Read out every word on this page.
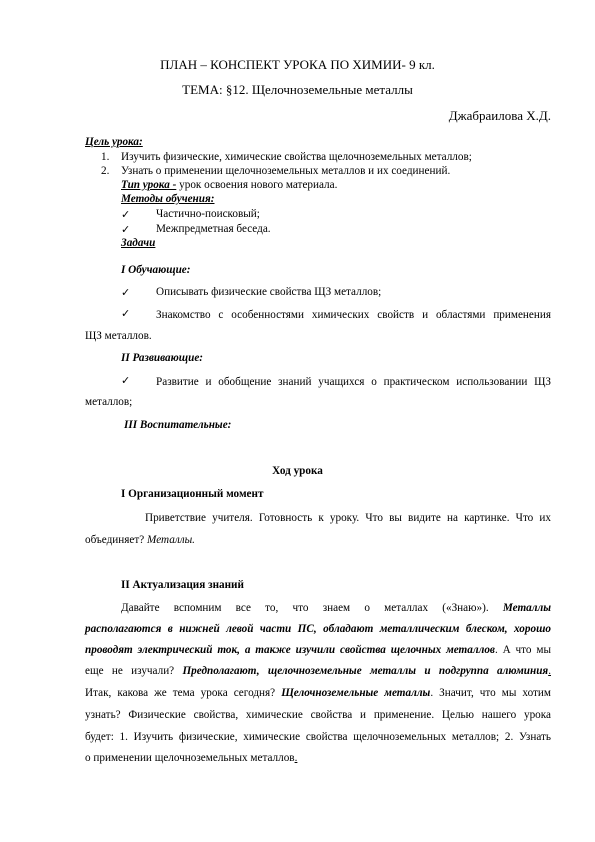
ПЛАН – КОНСПЕКТ УРОКА ПО ХИМИИ- 9 кл.
ТЕМА: §12. Щелочноземельные металлы
Джабраилова Х.Д.
Цель урока:
1. Изучить физические, химические свойства щелочноземельных металлов;
2. Узнать о применении щелочноземельных металлов и их соединений.
Тип урока - урок освоения нового материала.
Методы обучения:
✓ Частично-поисковый;
✓ Межпредметная беседа.
Задачи
I Обучающие:
✓ Описывать физические свойства ЩЗ металлов;
✓ Знакомство с особенностями химических свойств и областями применения
ЩЗ металлов.
II Развивающие:
✓ Развитие и обобщение знаний учащихся о практическом использовании ЩЗ
металлов;
III Воспитательные:
Ход урока
I Организационный момент
Приветствие учителя. Готовность к уроку. Что вы видите на картинке. Что их
объединяет? Металлы.
II Актуализация знаний
Давайте вспомним все то, что знаем о металлах («Знаю»). Металлы
располагаются в нижней левой части ПС, обладают металлическим блеском, хорошо
проводят электрический ток, а также изучили свойства щелочных металлов. А что мы
еще не изучали? Предполагают, щелочноземельные металлы и подгруппа алюминия.
Итак, какова же тема урока сегодня? Щелочноземельные металлы. Значит, что мы хотим
узнать? Физические свойства, химические свойства и применение. Целью нашего урока
будет: 1. Изучить физические, химические свойства щелочноземельных металлов; 2. Узнать
о применении щелочноземельных металлов.
